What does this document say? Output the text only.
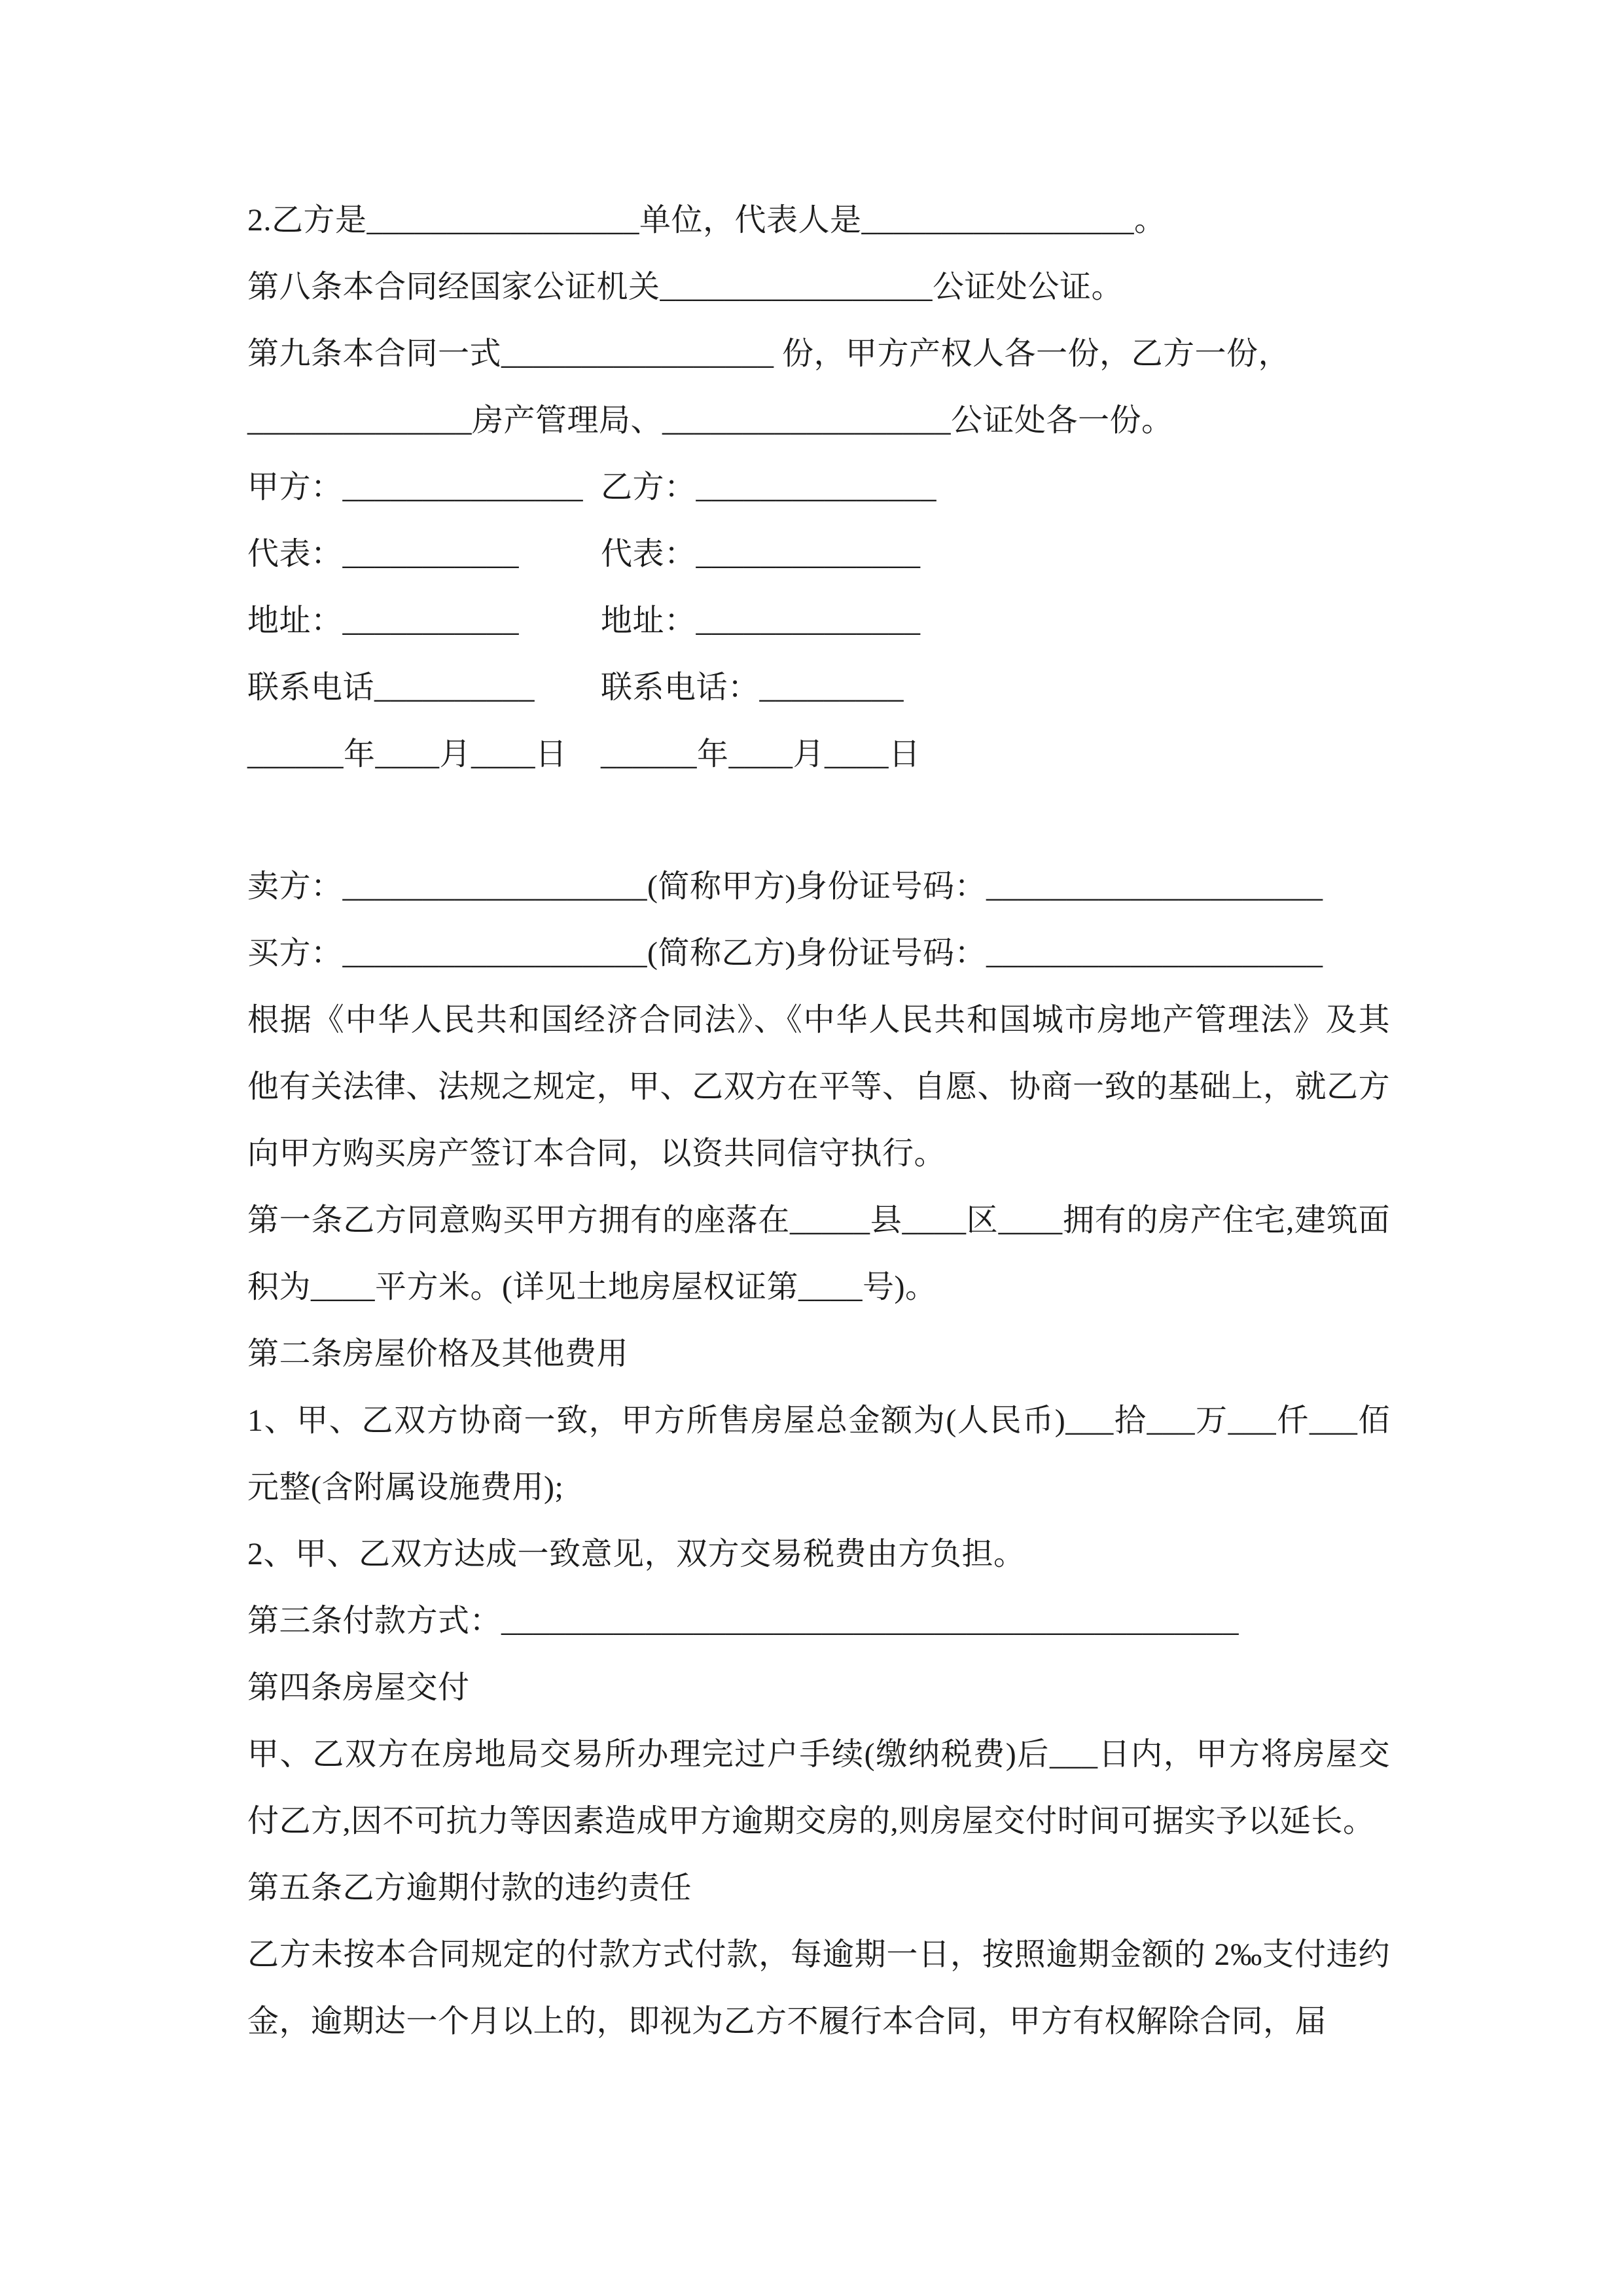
2.乙方是_________________单位，代表人是_________________。

第八条本合同经国家公证机关_________________公证处公证。

第九条本合同一式_________________ 份，甲方产权人各一份，乙方一份，

______________房产管理局、__________________公证处各一份。

甲方：_______________ 乙方：_______________
代表：___________	代表：______________
地址：___________	地址：______________
联系电话__________	联系电话：_________
______年____月____日	______年____月____日

卖方：___________________(简称甲方)身份证号码：_____________________

买方：___________________(简称乙方)身份证号码：_____________________

根据《中华人民共和国经济合同法》、《中华人民共和国城市房地产管理法》及其他有关法律、法规之规定，甲、乙双方在平等、自愿、协商一致的基础上，就乙方向甲方购买房产签订本合同，以资共同信守执行。

第一条乙方同意购买甲方拥有的座落在_____县____区____拥有的房产住宅,建筑面积为____平方米。(详见土地房屋权证第____号)。

第二条房屋价格及其他费用

1、甲、乙双方协商一致，甲方所售房屋总金额为(人民币)___拾___万___仟___佰元整(含附属设施费用);

2、甲、乙双方达成一致意见，双方交易税费由方负担。

第三条付款方式：______________________________________________

第四条房屋交付

甲、乙双方在房地局交易所办理完过户手续(缴纳税费)后___日内，甲方将房屋交付乙方,因不可抗力等因素造成甲方逾期交房的,则房屋交付时间可据实予以延长。

第五条乙方逾期付款的违约责任

乙方未按本合同规定的付款方式付款，每逾期一日，按照逾期金额的 2‰支付违约金，逾期达一个月以上的，即视为乙方不履行本合同，甲方有权解除合同，届
